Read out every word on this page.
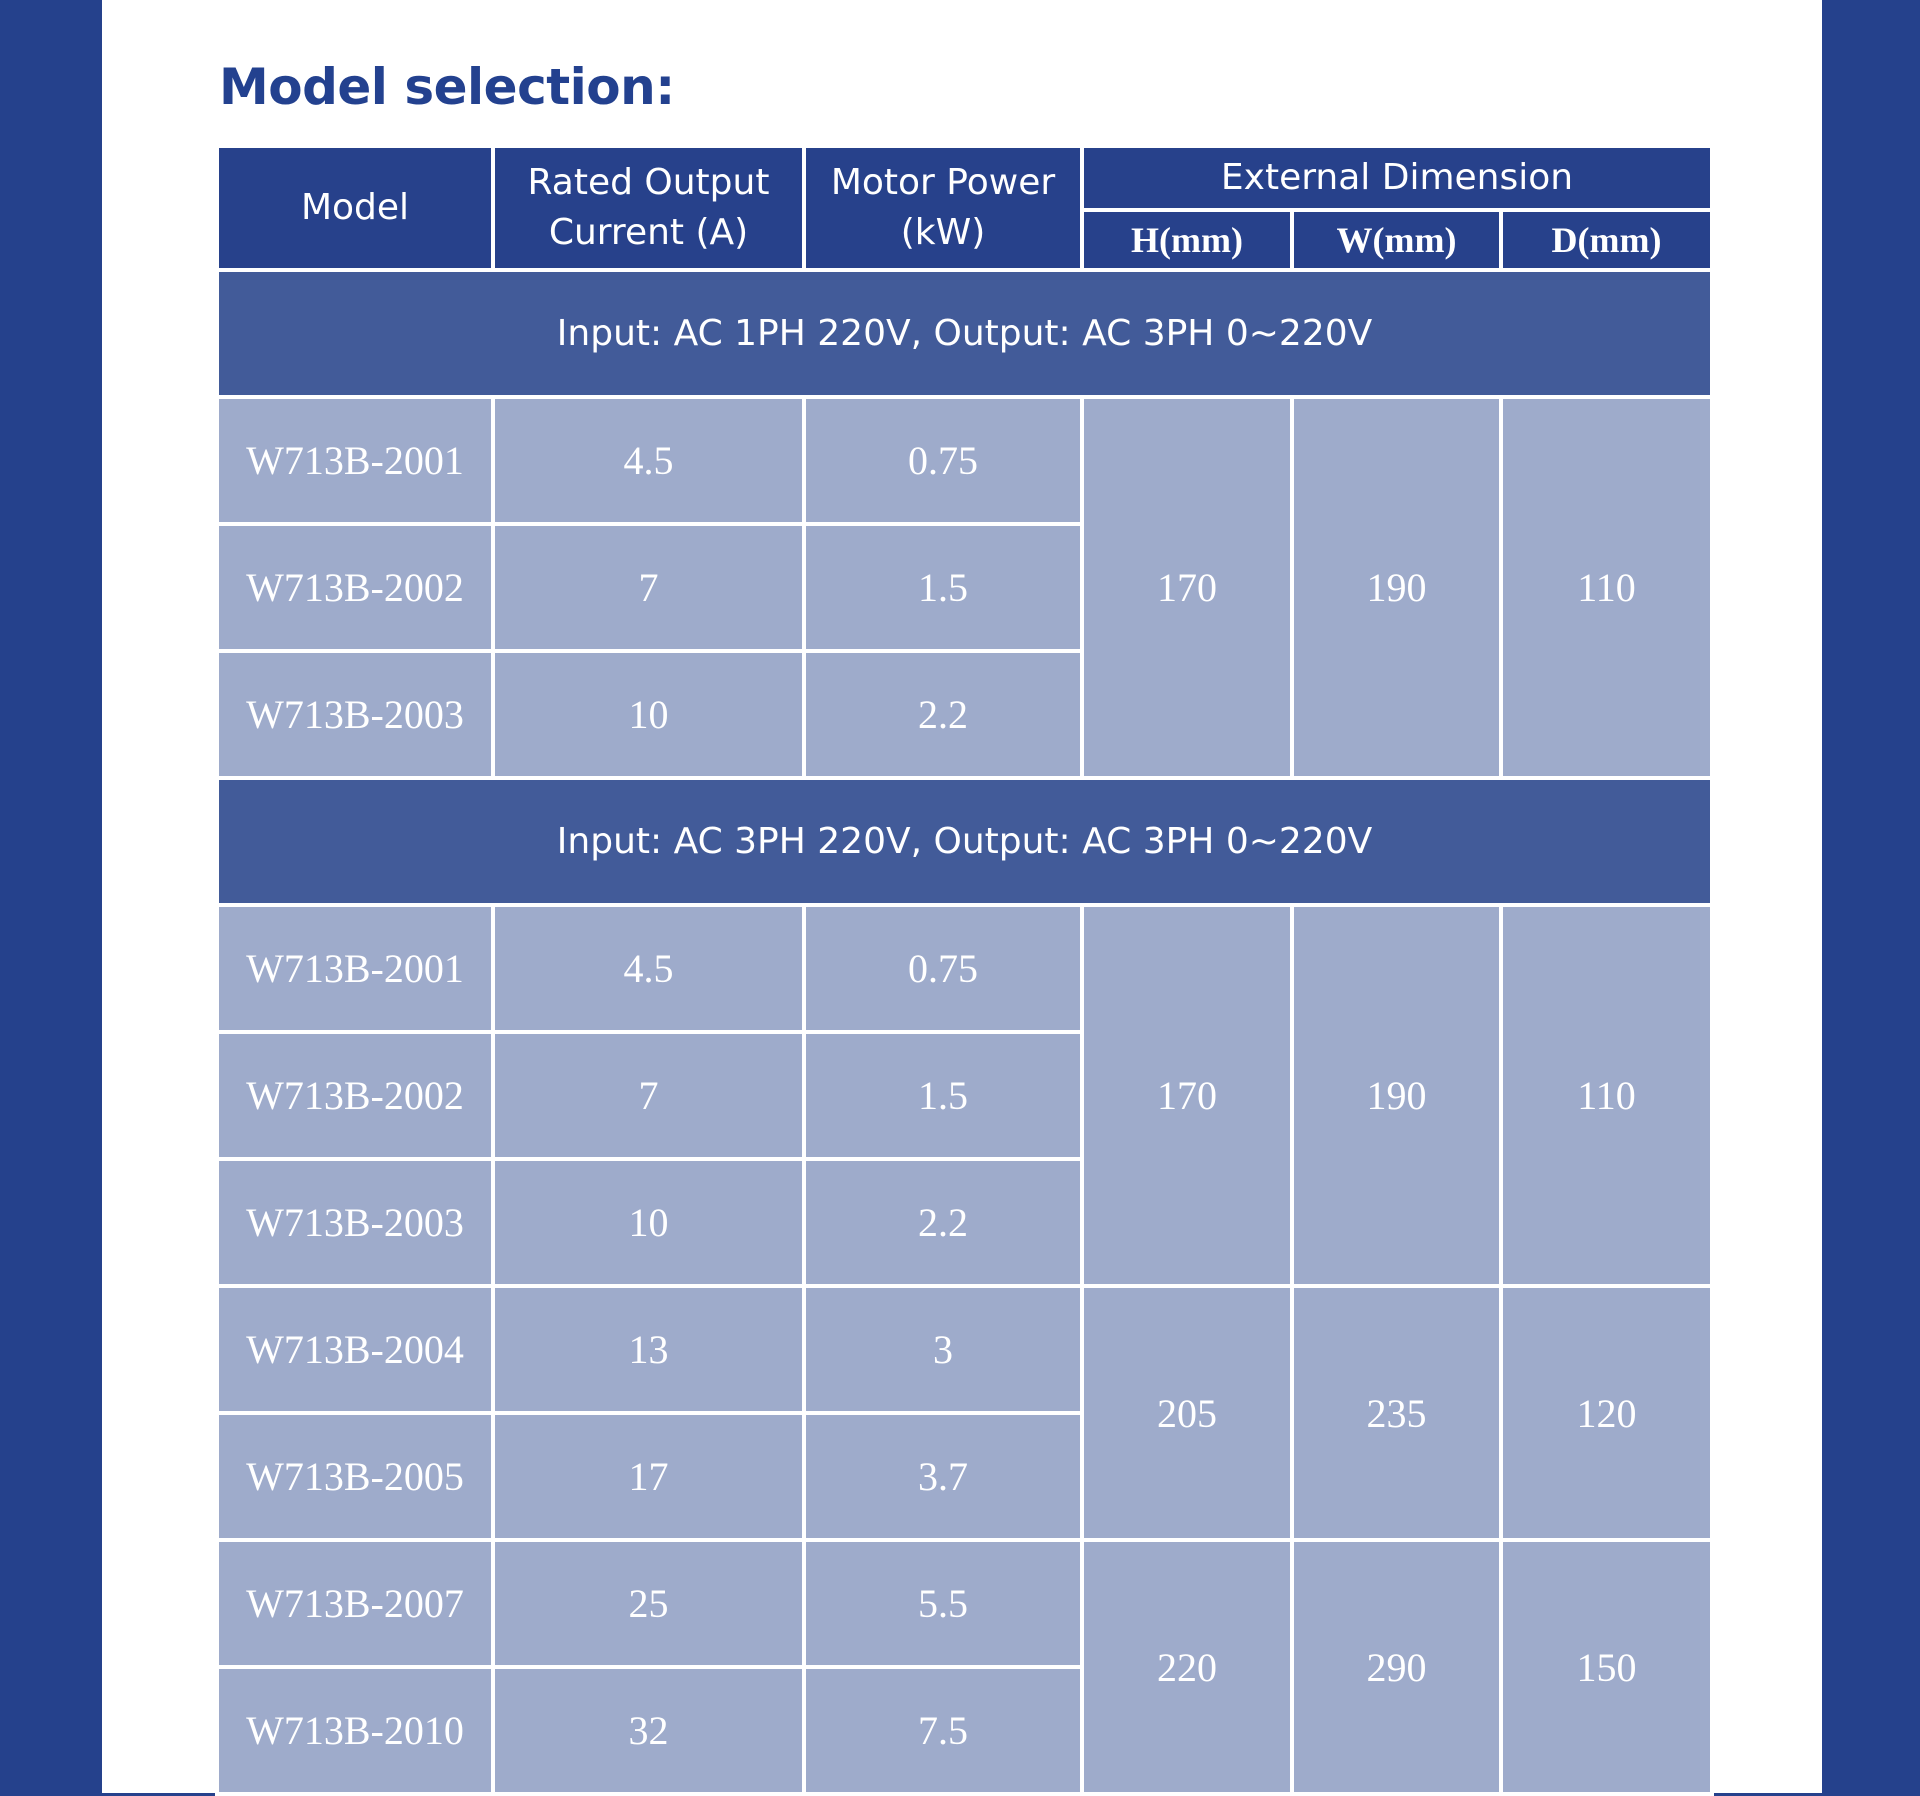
Model selection:
Model	Rated Output Current (A)	Motor Power (kW)	External Dimension		
			H(mm)	W(mm)	D(mm)
Input: AC 1PH 220V, Output: AC 3PH 0~220V					
W713B-2001	4.5	0.75	170	190	110
W713B-2002	7	1.5			
W713B-2003	10	2.2			
Input: AC 3PH 220V, Output: AC 3PH 0~220V					
W713B-2001	4.5	0.75	170	190	110
W713B-2002	7	1.5			
W713B-2003	10	2.2			
W713B-2004	13	3	205	235	120
W713B-2005	17	3.7			
W713B-2007	25	5.5	220	290	150
W713B-2010	32	7.5			
